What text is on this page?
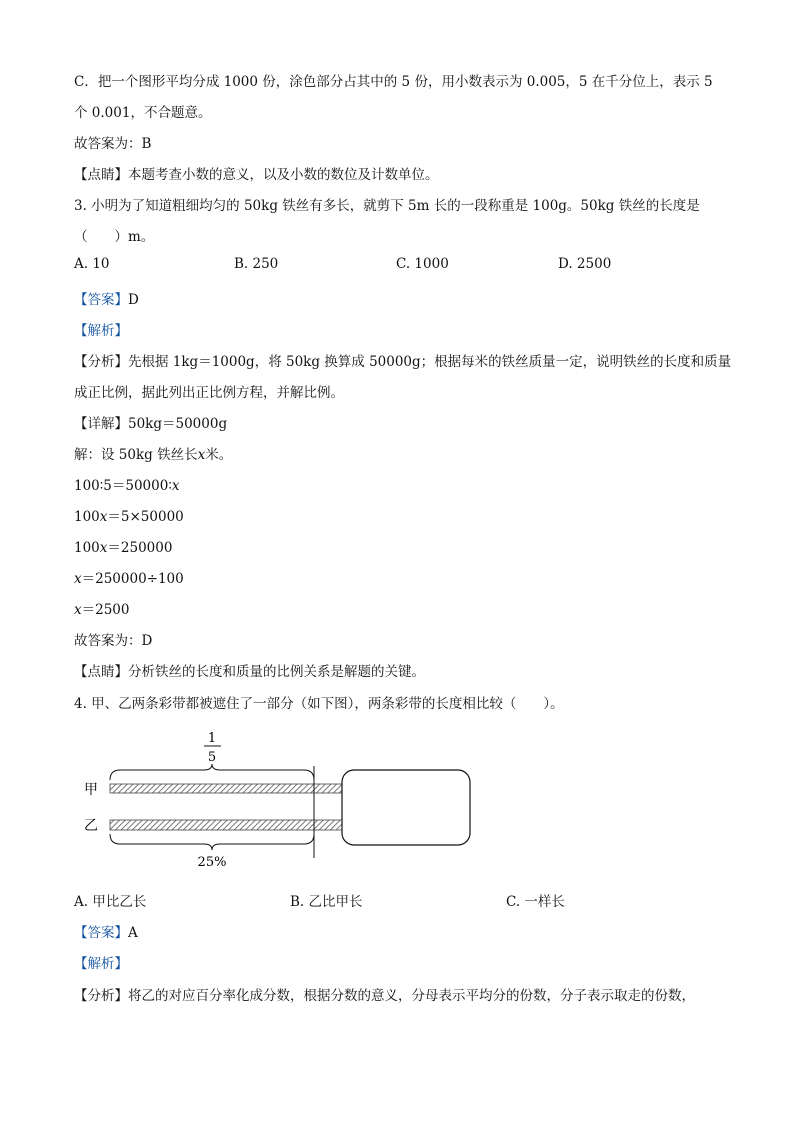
C．把一个图形平均分成 1000 份，涂色部分占其中的 5 份，用小数表示为 0.005，5 在千分位上，表示 5
个 0.001，不合题意。
故答案为：B
【点睛】本题考查小数的意义，以及小数的数位及计数单位。
3. 小明为了知道粗细均匀的 50kg 铁丝有多长，就剪下 5m 长的一段称重是 100g。50kg 铁丝的长度是
（　　）m。
A. 10	B. 250	C. 1000	D. 2500
【答案】D
【解析】
【分析】先根据 1kg＝1000g，将 50kg 换算成 50000g；根据每米的铁丝质量一定，说明铁丝的长度和质量
成正比例，据此列出正比例方程，并解比例。
【详解】50kg＝50000g
解：设 50kg 铁丝长x米。
100∶5＝50000∶x
100x＝5×50000
100x＝250000
x＝250000÷100
x＝2500
故答案为：D
【点睛】分析铁丝的长度和质量的比例关系是解题的关键。
4. 甲、乙两条彩带都被遮住了一部分（如下图），两条彩带的长度相比较（　　）。
1
5
甲
乙
25%
A. 甲比乙长	B. 乙比甲长	C. 一样长
【答案】A
【解析】
【分析】将乙的对应百分率化成分数，根据分数的意义，分母表示平均分的份数，分子表示取走的份数，
